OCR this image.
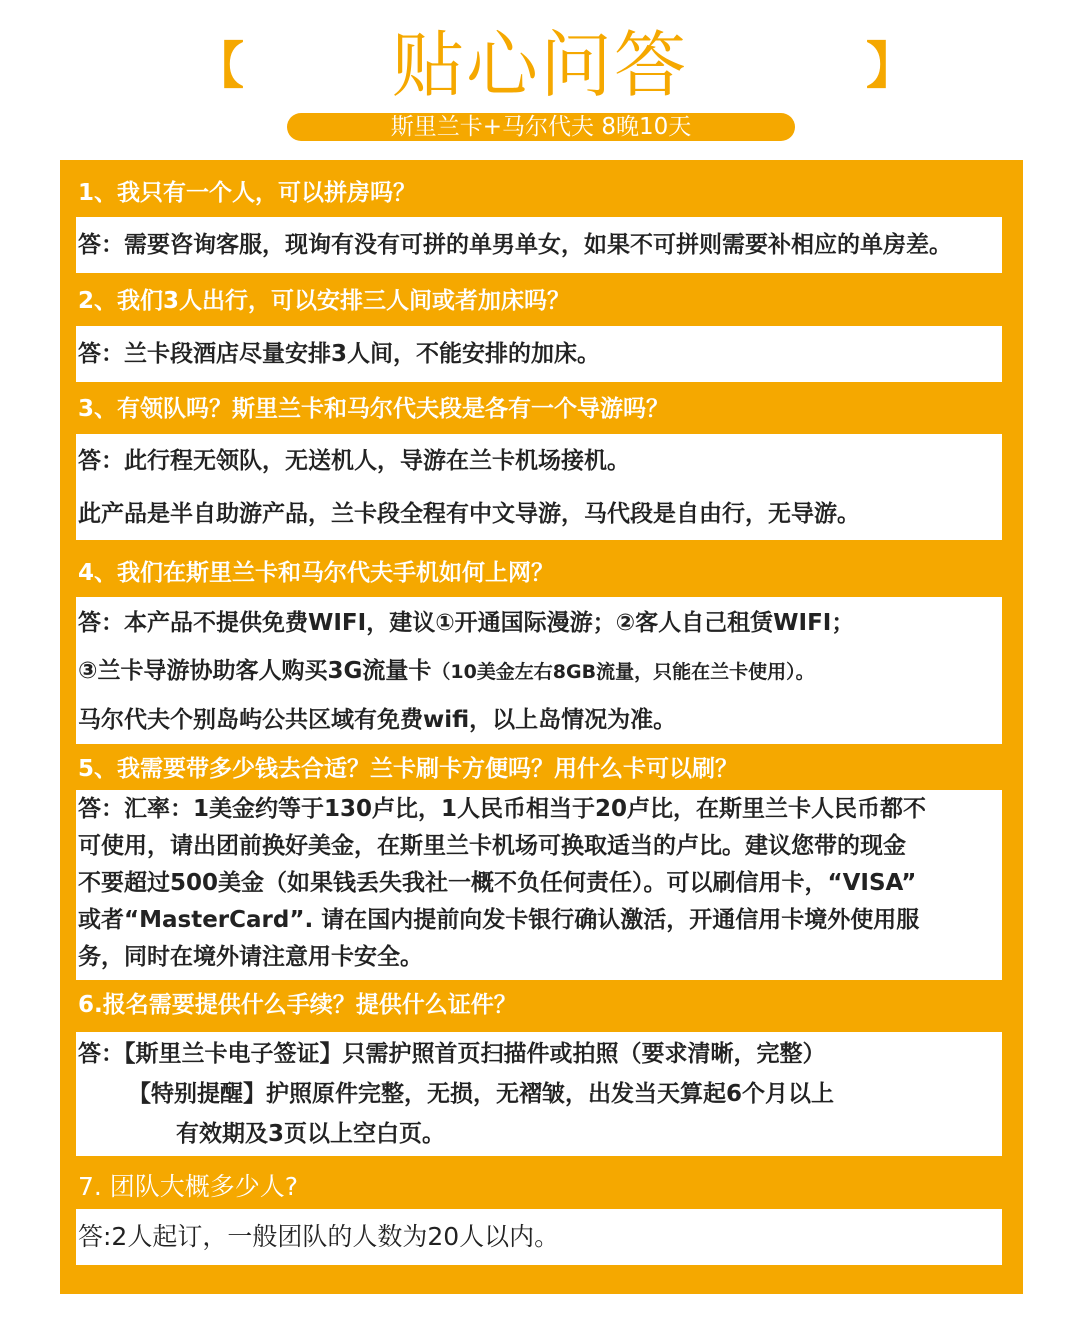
【	贴心问答	】
斯里兰卡+马尔代夫 8晚10天
1、我只有一个人，可以拼房吗？

答：需要咨询客服，现询有没有可拼的单男单女，如果不可拼则需要补相应的单房差。

2、我们3人出行，可以安排三人间或者加床吗？

答：兰卡段酒店尽量安排3人间，不能安排的加床。

3、有领队吗？斯里兰卡和马尔代夫段是各有一个导游吗？

答：此行程无领队，无送机人，导游在兰卡机场接机。

此产品是半自助游产品，兰卡段全程有中文导游，马代段是自由行，无导游。

4、我们在斯里兰卡和马尔代夫手机如何上网？

答：本产品不提供免费WIFI，建议①开通国际漫游；②客人自己租赁WIFI；

③兰卡导游协助客人购买3G流量卡（10美金左右8GB流量，只能在兰卡使用）。

马尔代夫个别岛屿公共区域有免费wifi，以上岛情况为准。

5、我需要带多少钱去合适？兰卡刷卡方便吗？用什么卡可以刷？

答：汇率：1美金约等于130卢比，1人民币相当于20卢比，在斯里兰卡人民币都不

可使用，请出团前换好美金，在斯里兰卡机场可换取适当的卢比。建议您带的现金

不要超过500美金（如果钱丢失我社一概不负任何责任）。可以刷信用卡，“VISA”

或者“MasterCard”. 请在国内提前向发卡银行确认激活，开通信用卡境外使用服

务，同时在境外请注意用卡安全。

6.报名需要提供什么手续？提供什么证件？

答：【斯里兰卡电子签证】只需护照首页扫描件或拍照（要求清晰，完整）

【特别提醒】护照原件完整，无损，无褶皱，出发当天算起6个月以上

有效期及3页以上空白页。

7. 团队大概多少人?

答:2人起订，一般团队的人数为20人以内。
